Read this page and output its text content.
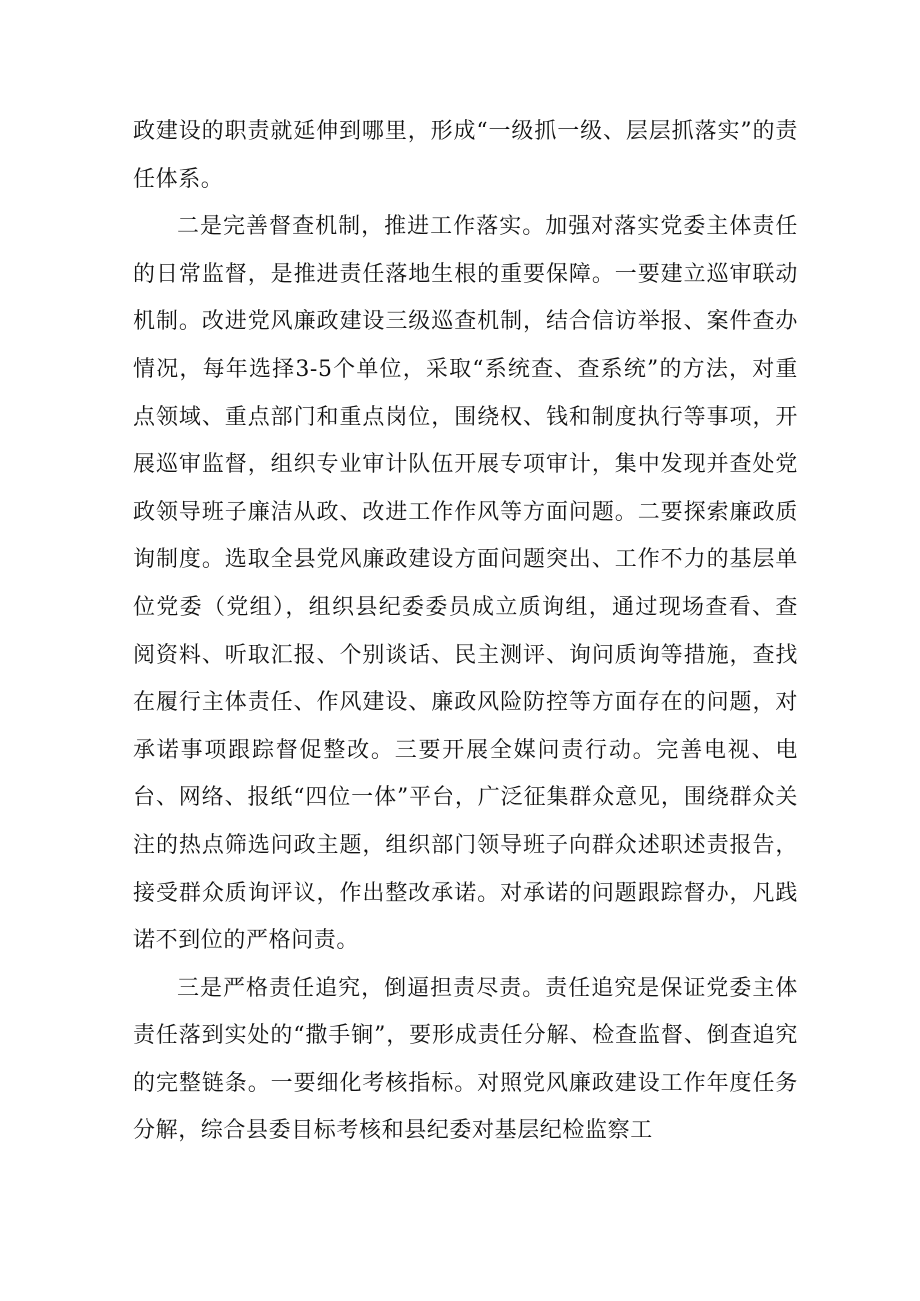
政建设的职责就延伸到哪里，形成“一级抓一级、层层抓落实”的责任体系。

二是完善督查机制，推进工作落实。加强对落实党委主体责任的日常监督，是推进责任落地生根的重要保障。一要建立巡审联动机制。改进党风廉政建设三级巡查机制，结合信访举报、案件查办情况，每年选择3-5个单位，采取“系统查、查系统”的方法，对重点领域、重点部门和重点岗位，围绕权、钱和制度执行等事项，开展巡审监督，组织专业审计队伍开展专项审计，集中发现并查处党政领导班子廉洁从政、改进工作作风等方面问题。二要探索廉政质询制度。选取全县党风廉政建设方面问题突出、工作不力的基层单位党委（党组），组织县纪委委员成立质询组，通过现场查看、查阅资料、听取汇报、个别谈话、民主测评、询问质询等措施，查找在履行主体责任、作风建设、廉政风险防控等方面存在的问题，对承诺事项跟踪督促整改。三要开展全媒问责行动。完善电视、电台、网络、报纸“四位一体”平台，广泛征集群众意见，围绕群众关注的热点筛选问政主题，组织部门领导班子向群众述职述责报告，接受群众质询评议，作出整改承诺。对承诺的问题跟踪督办，凡践诺不到位的严格问责。

三是严格责任追究，倒逼担责尽责。责任追究是保证党委主体责任落到实处的“撒手锏”，要形成责任分解、检查监督、倒查追究的完整链条。一要细化考核指标。对照党风廉政建设工作年度任务分解，综合县委目标考核和县纪委对基层纪检监察工
